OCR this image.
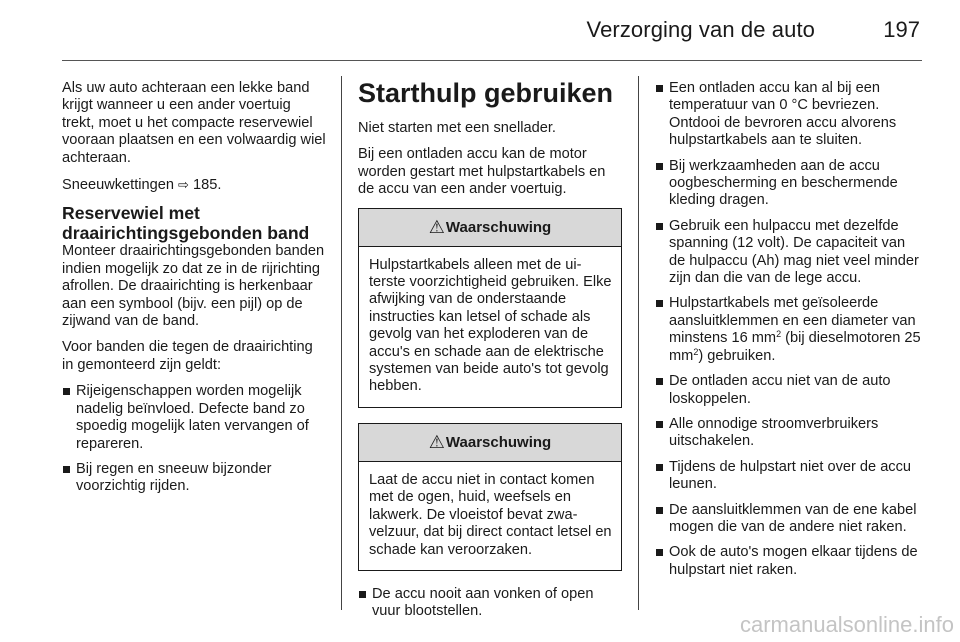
Verzorging van de auto	197

Als uw auto achteraan een lekke band krijgt wanneer u een ander voertuig trekt, moet u het compacte reservewiel vooraan plaatsen en een volwaardig wiel achteraan.

Sneeuwkettingen ⇨ 185.

Reservewiel met draairichtingsgebonden band

Monteer draairichtingsgebonden banden indien mogelijk zo dat ze in de rijrichting afrollen. De draairichting is herkenbaar aan een symbool (bijv. een pijl) op de zijwand van de band.

Voor banden die tegen de draairichting in gemonteerd zijn geldt:

Rijeigenschappen worden mogelijk nadelig beïnvloed. Defecte band zo spoedig mogelijk laten vervangen of repareren.
Bij regen en sneeuw bijzonder voorzichtig rijden.
Starthulp gebruiken

Niet starten met een snellader.

Bij een ontladen accu kan de motor worden gestart met hulpstartkabels en de accu van een ander voertuig.

⚠Waarschuwing
Hulpstartkabels alleen met de uiterste voorzichtigheid gebruiken. Elke afwijking van de onderstaande instructies kan letsel of schade als gevolg van het exploderen van de accu's en schade aan de elektrische systemen van beide auto's tot gevolg hebben.
⚠Waarschuwing
Laat de accu niet in contact komen met de ogen, huid, weefsels en lakwerk. De vloeistof bevat zwavelzuur, dat bij direct contact letsel en schade kan veroorzaken.
De accu nooit aan vonken of open vuur blootstellen.
Een ontladen accu kan al bij een temperatuur van 0 °C bevriezen. Ontdooi de bevroren accu alvorens hulpstartkabels aan te sluiten.
Bij werkzaamheden aan de accu oogbescherming en beschermende kleding dragen.
Gebruik een hulpaccu met dezelfde spanning (12 volt). De capaciteit van de hulpaccu (Ah) mag niet veel minder zijn dan die van de lege accu.
Hulpstartkabels met geïsoleerde aansluitklemmen en een diameter van minstens 16 $mm^2$ (bij dieselmotoren 25 $mm^2$) gebruiken.
De ontladen accu niet van de auto loskoppelen.
Alle onnodige stroomverbruikers uitschakelen.
Tijdens de hulpstart niet over de accu leunen.
De aansluitklemmen van de ene kabel mogen die van de andere niet raken.
Ook de auto's mogen elkaar tijdens de hulpstart niet raken.
carmanualsonline.info
